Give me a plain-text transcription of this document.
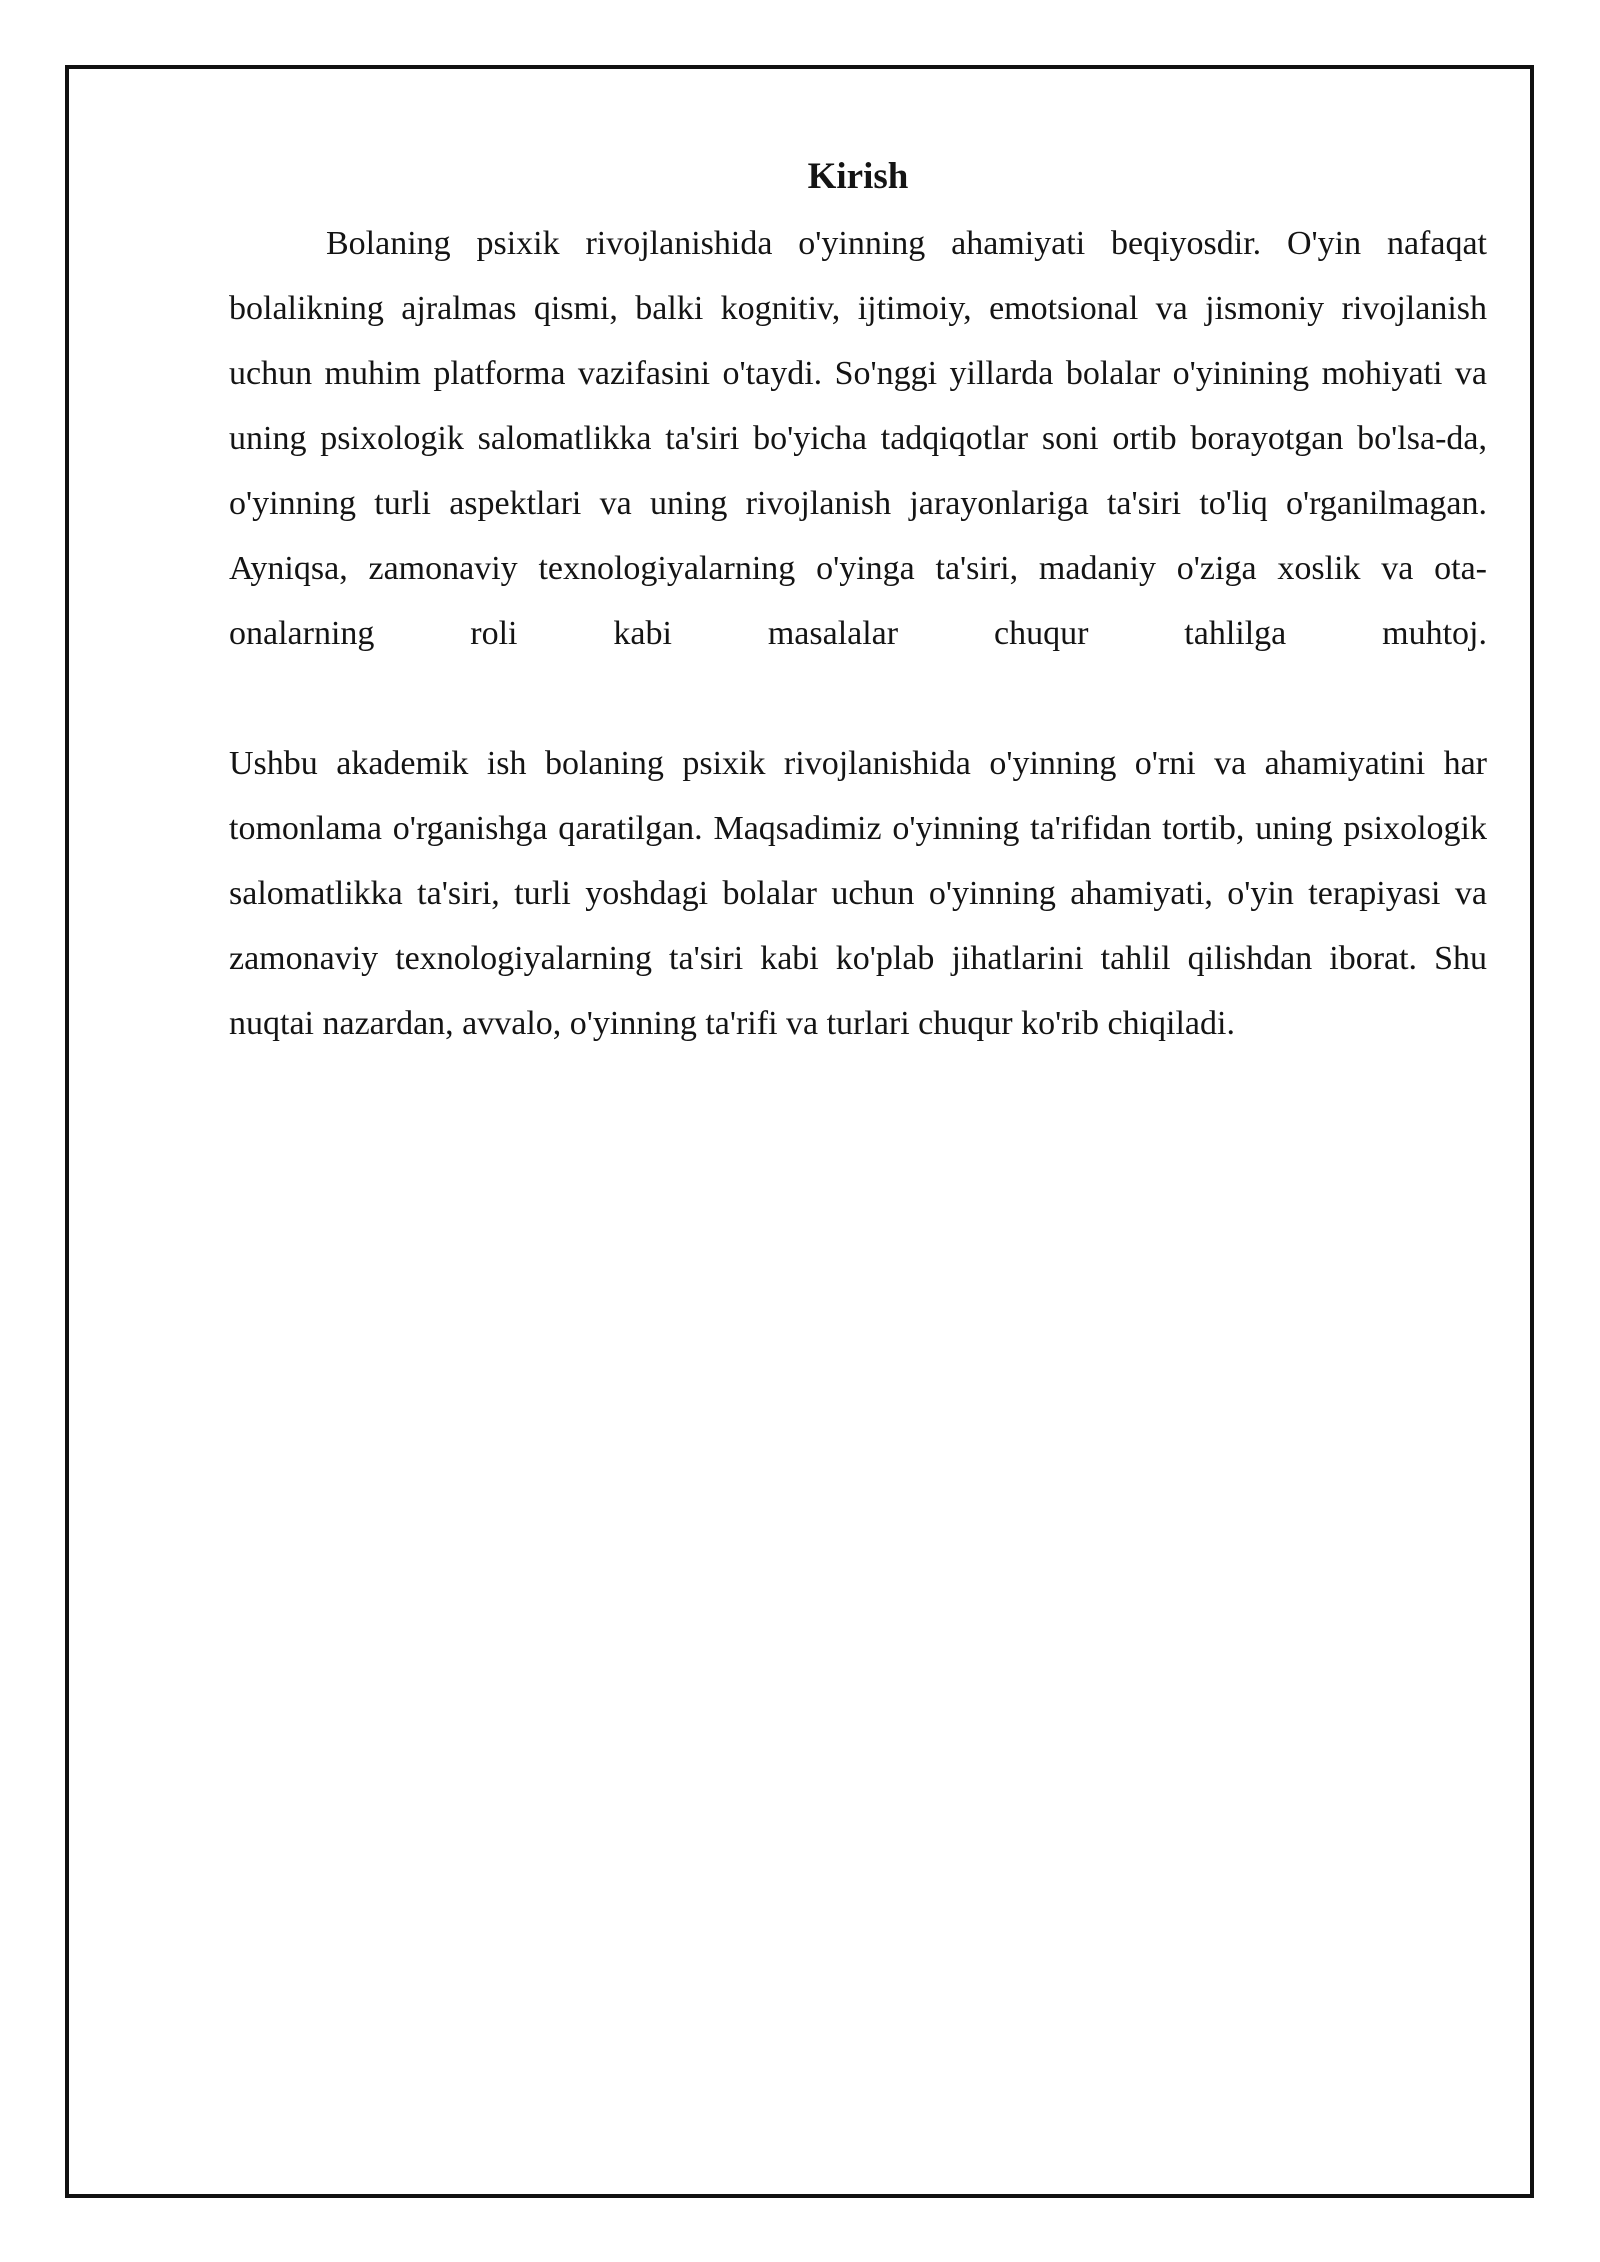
Kirish

Bolaning psixik rivojlanishida o'yinning ahamiyati beqiyosdir. O'yin nafaqat bolalikning ajralmas qismi, balki kognitiv, ijtimoiy, emotsional va jismoniy rivojlanish uchun muhim platforma vazifasini o'taydi. So'nggi yillarda bolalar o'yinining mohiyati va uning psixologik salomatlikka ta'siri bo'yicha tadqiqotlar soni ortib borayotgan bo'lsa-da, o'yinning turli aspektlari va uning rivojlanish jarayonlariga ta'siri to'liq o'rganilmagan. Ayniqsa, zamonaviy texnologiyalarning o'yinga ta'siri, madaniy o'ziga xoslik va ota-onalarning roli kabi masalalar chuqur tahlilga muhtoj.

Ushbu akademik ish bolaning psixik rivojlanishida o'yinning o'rni va ahamiyatini har tomonlama o'rganishga qaratilgan. Maqsadimiz o'yinning ta'rifidan tortib, uning psixologik salomatlikka ta'siri, turli yoshdagi bolalar uchun o'yinning ahamiyati, o'yin terapiyasi va zamonaviy texnologiyalarning ta'siri kabi ko'plab jihatlarini tahlil qilishdan iborat. Shu nuqtai nazardan, avvalo, o'yinning ta'rifi va turlari chuqur ko'rib chiqiladi.
